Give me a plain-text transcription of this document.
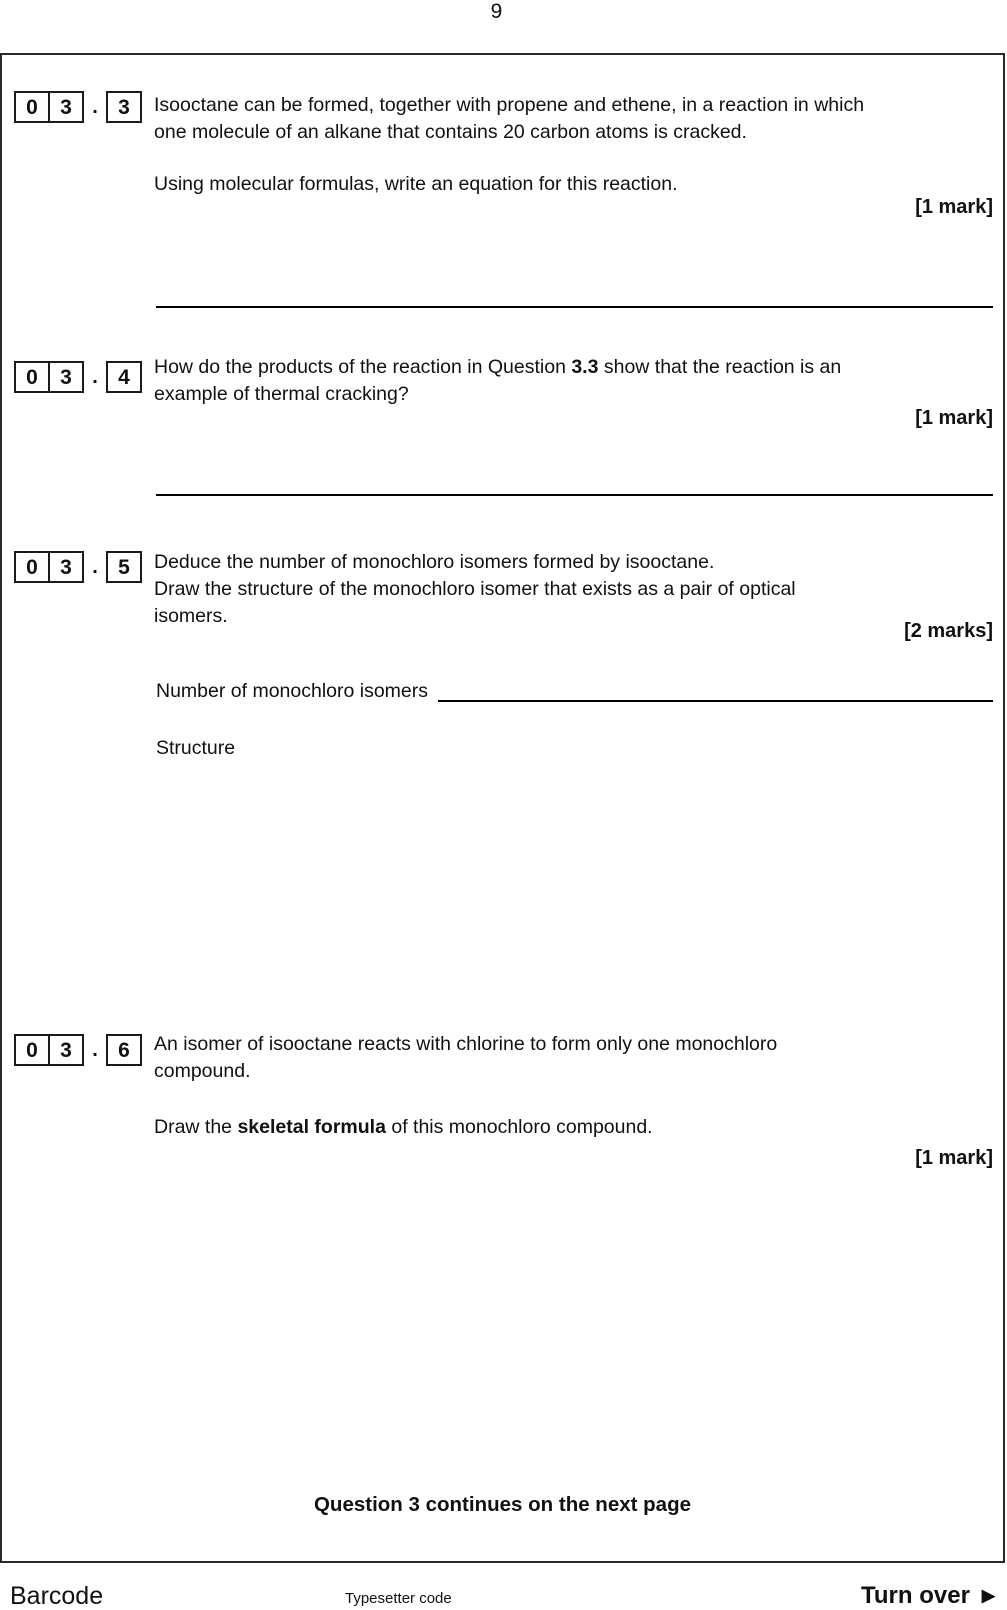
9
0	3	. 3	Isooctane can be formed, together with propene and ethene, in a reaction in which
one molecule of an alkane that contains 20 carbon atoms is cracked.
Using molecular formulas, write an equation for this reaction.
[1 mark]
0	3	. 4	How do the products of the reaction in Question 3.3 show that the reaction is an
example of thermal cracking?
[1 mark]
0	3	. 5	Deduce the number of monochloro isomers formed by isooctane.
Draw the structure of the monochloro isomer that exists as a pair of optical
isomers.
[2 marks]
Number of monochloro isomers
Structure
0	3	. 6	An isomer of isooctane reacts with chlorine to form only one monochloro
compound.
Draw the skeletal formula of this monochloro compound.
[1 mark]
Question 3 continues on the next page
Barcode	Typesetter code	Turn over ▶
